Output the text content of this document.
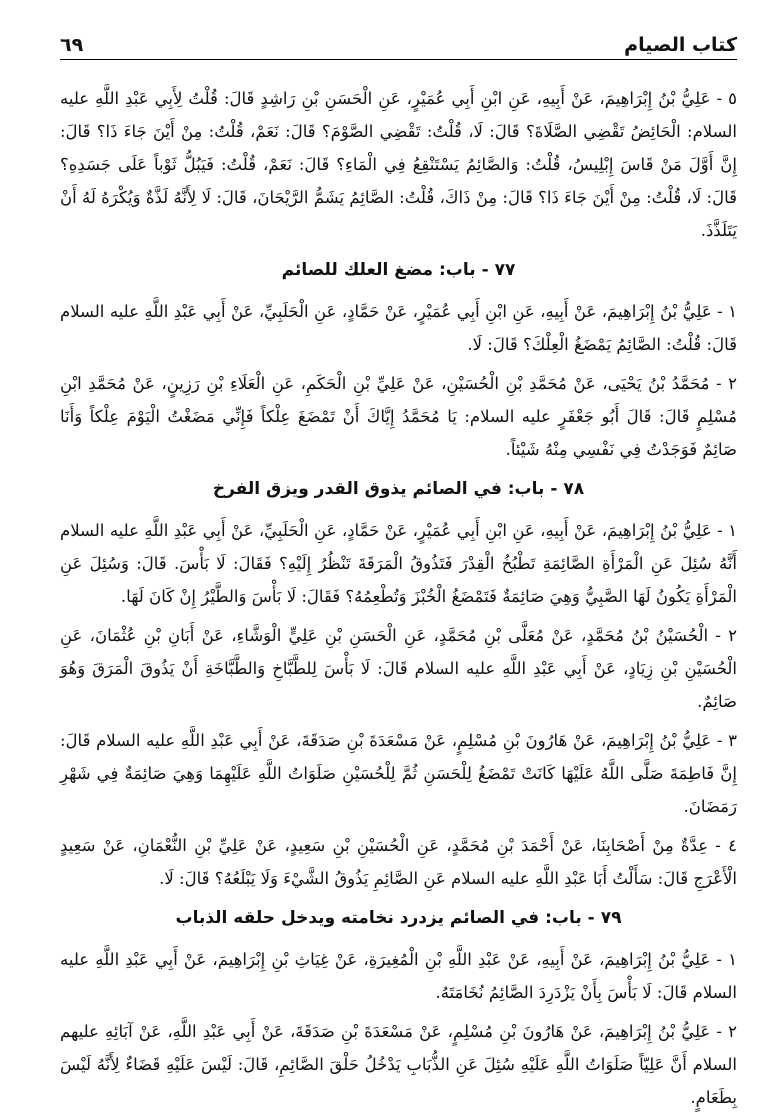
كتاب الصيام
٦٩

٥ - عَلِيُّ بْنُ إِبْرَاهِيمَ، عَنْ أَبِيهِ، عَنِ ابْنِ أَبِي عُمَيْرٍ، عَنِ الْحَسَنِ بْنِ رَاشِدٍ قَالَ: قُلْتُ لِأَبِي عَبْدِ اللَّهِ عليه السلام: الْحَائِضُ تَقْضِي الصَّلَاةَ؟ قَالَ: لَا، قُلْتُ: تَقْضِي الصَّوْمَ؟ قَالَ: نَعَمْ، قُلْتُ: مِنْ أَيْنَ جَاءَ ذَا؟ قَالَ: إِنَّ أَوَّلَ مَنْ قَاسَ إِبْلِيسُ، قُلْتُ: وَالصَّائِمُ يَسْتَنْقِعُ فِي الْمَاءِ؟ قَالَ: نَعَمْ، قُلْتُ: فَيَبُلُّ ثَوْباً عَلَى جَسَدِهِ؟ قَالَ: لَا، قُلْتُ: مِنْ أَيْنَ جَاءَ ذَا؟ قَالَ: مِنْ ذَاكَ، قُلْتُ: الصَّائِمُ يَشَمُّ الرَّيْحَانَ، قَالَ: لَا لِأَنَّهُ لَذَّةٌ وَيُكْرَهُ لَهُ أَنْ يَتَلَذَّذَ.

٧٧- باب: مضغ العلك للصائم

١ - عَلِيُّ بْنُ إِبْرَاهِيمَ، عَنْ أَبِيهِ، عَنِ ابْنِ أَبِي عُمَيْرٍ، عَنْ حَمَّادٍ، عَنِ الْحَلَبِيِّ، عَنْ أَبِي عَبْدِ اللَّهِ عليه السلام قَالَ: قُلْتُ: الصَّائِمُ يَمْضَغُ الْعِلْكَ؟ قَالَ: لَا.

٢ - مُحَمَّدُ بْنُ يَحْيَى، عَنْ مُحَمَّدِ بْنِ الْحُسَيْنِ، عَنْ عَلِيِّ بْنِ الْحَكَمِ، عَنِ الْعَلَاءِ بْنِ رَزِينٍ، عَنْ مُحَمَّدِ ابْنِ مُسْلِمٍ قَالَ: قَالَ أَبُو جَعْفَرٍ عليه السلام: يَا مُحَمَّدُ إِيَّاكَ أَنْ تَمْضَغَ عِلْكاً فَإِنِّي مَضَغْتُ الْيَوْمَ عِلْكاً وَأَنَا صَائِمٌ فَوَجَدْتُ فِي نَفْسِي مِنْهُ شَيْئاً.

٧٨- باب: في الصائم يذوق القدر ويزق الفرخ

١ - عَلِيُّ بْنُ إِبْرَاهِيمَ، عَنْ أَبِيهِ، عَنِ ابْنِ أَبِي عُمَيْرٍ، عَنْ حَمَّادٍ، عَنِ الْحَلَبِيِّ، عَنْ أَبِي عَبْدِ اللَّهِ عليه السلام أَنَّهُ سُئِلَ عَنِ الْمَرْأَةِ الصَّائِمَةِ تَطْبُخُ الْقِدْرَ فَتَذُوقُ الْمَرَقَةَ تَنْظُرُ إِلَيْهِ؟ فَقَالَ: لَا بَأْسَ. قَالَ: وَسُئِلَ عَنِ الْمَرْأَةِ يَكُونُ لَهَا الصَّبِيُّ وَهِيَ صَائِمَةٌ فَتَمْضَغُ الْخُبْزَ وَتُطْعِمُهُ؟ فَقَالَ: لَا بَأْسَ وَالطَّيْرُ إِنْ كَانَ لَهَا.

٢ - الْحُسَيْنُ بْنُ مُحَمَّدٍ، عَنْ مُعَلَّى بْنِ مُحَمَّدٍ، عَنِ الْحَسَنِ بْنِ عَلِيٍّ الْوَشَّاءِ، عَنْ أَبَانِ بْنِ عُثْمَانَ، عَنِ الْحُسَيْنِ بْنِ زِيَادٍ، عَنْ أَبِي عَبْدِ اللَّهِ عليه السلام قَالَ: لَا بَأْسَ لِلطَّبَّاخِ وَالطَّبَّاخَةِ أَنْ يَذُوقَ الْمَرَقَ وَهُوَ صَائِمٌ.

٣ - عَلِيُّ بْنُ إِبْرَاهِيمَ، عَنْ هَارُونَ بْنِ مُسْلِمٍ، عَنْ مَسْعَدَةَ بْنِ صَدَقَةَ، عَنْ أَبِي عَبْدِ اللَّهِ عليه السلام قَالَ: إِنَّ فَاطِمَةَ صَلَّى اللَّهُ عَلَيْهَا كَانَتْ تَمْضَغُ لِلْحَسَنِ ثُمَّ لِلْحُسَيْنِ صَلَوَاتُ اللَّهِ عَلَيْهِمَا وَهِيَ صَائِمَةٌ فِي شَهْرِ رَمَضَانَ.

٤ - عِدَّةٌ مِنْ أَصْحَابِنَا، عَنْ أَحْمَدَ بْنِ مُحَمَّدٍ، عَنِ الْحُسَيْنِ بْنِ سَعِيدٍ، عَنْ عَلِيِّ بْنِ النُّعْمَانِ، عَنْ سَعِيدٍ الْأَعْرَجِ قَالَ: سَأَلْتُ أَبَا عَبْدِ اللَّهِ عليه السلام عَنِ الصَّائِمِ يَذُوقُ الشَّيْءَ وَلَا يَبْلَعُهُ؟ قَالَ: لَا.

٧٩- باب: في الصائم يزدرد نخامته ويدخل حلقه الذباب

١ - عَلِيُّ بْنُ إِبْرَاهِيمَ، عَنْ أَبِيهِ، عَنْ عَبْدِ اللَّهِ بْنِ الْمُغِيرَةِ، عَنْ غِيَاثِ بْنِ إِبْرَاهِيمَ، عَنْ أَبِي عَبْدِ اللَّهِ عليه السلام قَالَ: لَا بَأْسَ بِأَنْ يَزْدَرِدَ الصَّائِمُ نُخَامَتَهُ.

٢ - عَلِيُّ بْنُ إِبْرَاهِيمَ، عَنْ هَارُونَ بْنِ مُسْلِمٍ، عَنْ مَسْعَدَةَ بْنِ صَدَقَةَ، عَنْ أَبِي عَبْدِ اللَّهِ، عَنْ آبَائِهِ عليهم السلام أَنَّ عَلِيّاً صَلَوَاتُ اللَّهِ عَلَيْهِ سُئِلَ عَنِ الذُّبَابِ يَدْخُلُ حَلْقَ الصَّائِمِ، قَالَ: لَيْسَ عَلَيْهِ قَضَاءٌ لِأَنَّهُ لَيْسَ بِطَعَامٍ.
